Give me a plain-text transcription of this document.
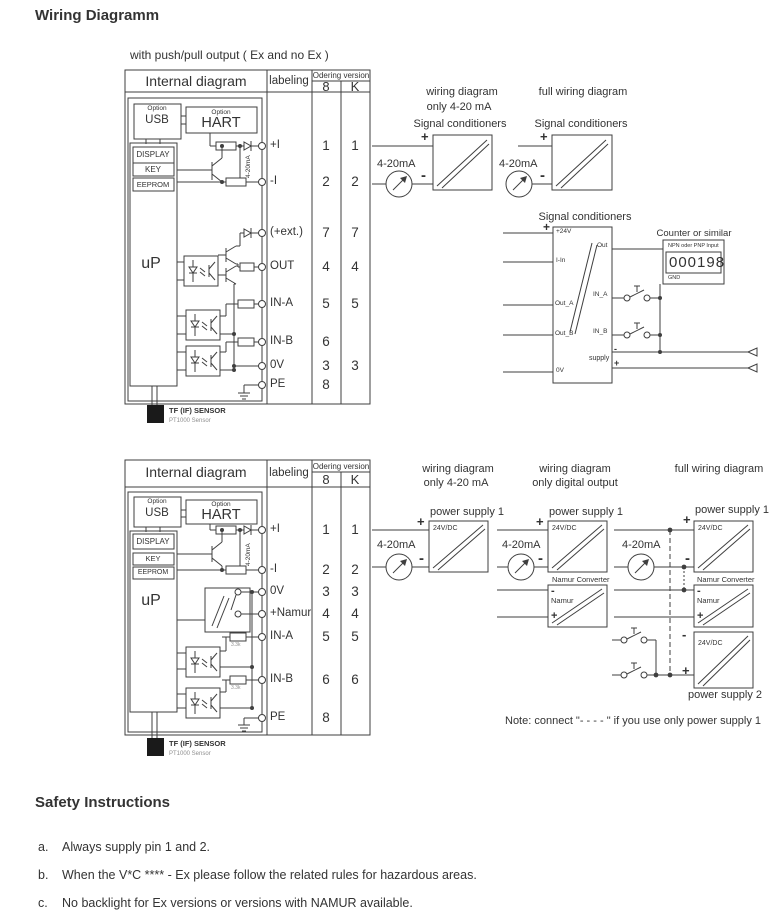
Wiring Diagramm
with push/pull output ( Ex and no Ex )
Internal diagram labeling Odering version
8 K
+I	1 1
-I	2 2
(+ext.) 7 7
OUT 4 4
IN-A 5 5
IN-B 6
0V	3 3
PE	8
Option
USB
Option
HART
DISPLAY
KEY
EEPROM
uP
4-20mA
TF (IF) SENSOR
PT1000 Sensor
wiring diagram
only 4-20 mA
Signal conditioners
4-20mA
+
-
full wiring diagram
Signal conditioners
4-20mA
+
-
Signal conditioners
+ +24V
I-In
Out_A
Out_B
0V
Out
IN_A
IN_B
supply
-
+
Counter or similar
NPN oder PNP Input
000198
GND
Internal diagram labeling
Odering version
8 K
+I	1 1
-I	2 2
0V	3 3
+Namur 4 4
IN-A 5 5
IN-B 6 6
PE	8
Option
USB
Option
HART
DISPLAY
KEY
EEPROM
uP
4-20mA
3.3k
3.3k
TF (IF) SENSOR
PT1000 Sensor
wiring diagram
only 4-20 mA
wiring diagram
only digital output
full wiring diagram
power supply 1
24V/DC
4-20mA
+
-
power supply 1
24V/DC
4-20mA
+
-
Namur Converter
-
Namur
+
power supply 1
24V/DC
4-20mA
+
-
Namur Converter
-
Namur
+
-
24V/DC
+
power supply 2
Note: connect "- - - - " if you use only power supply 1
Safety Instructions
a. Always supply pin 1 and 2.
b. When the V*C **** - Ex please follow the related rules for hazardous areas.
c. No backlight for Ex versions or versions with NAMUR available.
